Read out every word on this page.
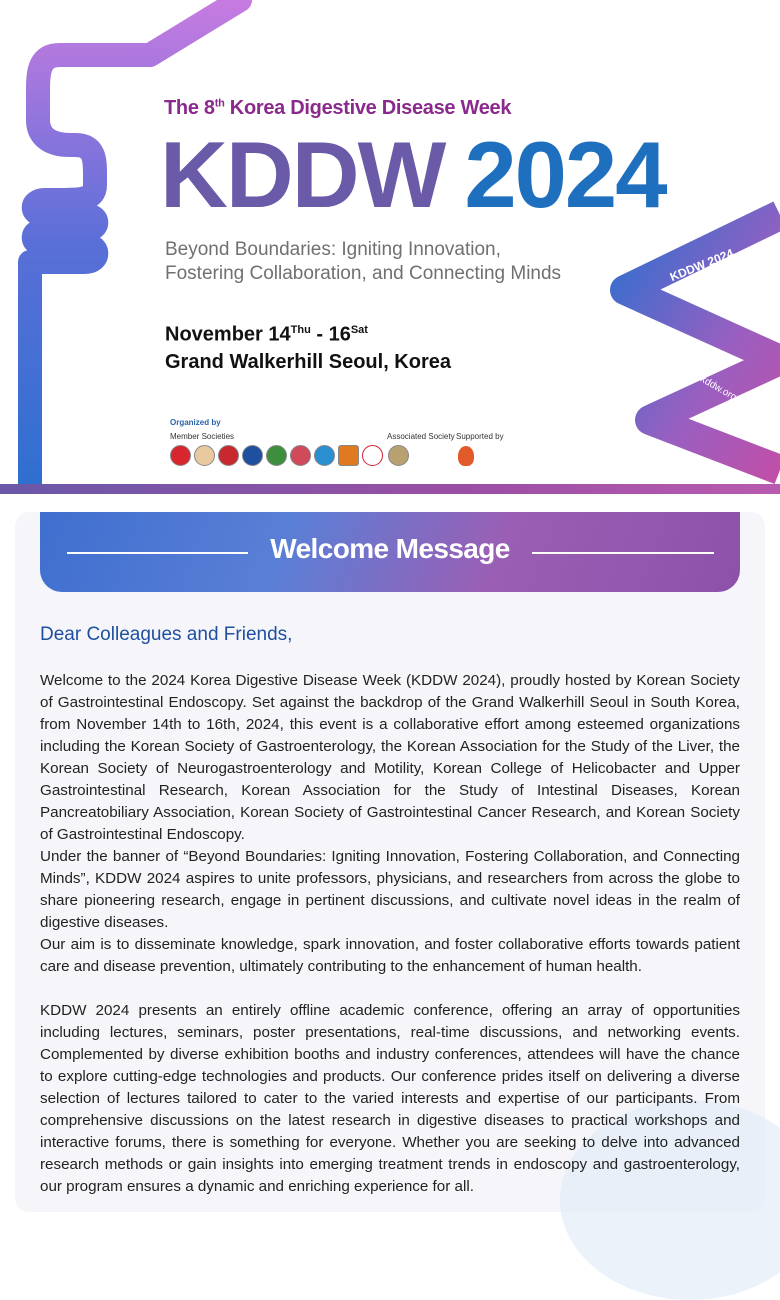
The 8th Korea Digestive Disease Week
KDDW 2024
Beyond Boundaries: Igniting Innovation,
Fostering Collaboration, and Connecting Minds
November $14^{Thu} - 16^{Sat}$
Grand Walkerhill Seoul, Korea
Organized by
Member Societies	Associated Society Supported by
KDDW 2024
www.kddw.org
Welcome Message
Dear Colleagues and Friends,

Welcome to the 2024 Korea Digestive Disease Week (KDDW 2024), proudly hosted by Korean Society of Gastrointestinal Endoscopy. Set against the backdrop of the Grand Walkerhill Seoul in South Korea, from November 14th to 16th, 2024, this event is a collaborative effort among esteemed organizations including the Korean Society of Gastroenterology, the Korean Association for the Study of the Liver, the Korean Society of Neurogastroenterology and Motility, Korean College of Helicobacter and Upper Gastrointestinal Research, Korean Association for the Study of Intestinal Diseases, Korean Pancreatobiliary Association, Korean Society of Gastrointestinal Cancer Research, and Korean Society of Gastrointestinal Endoscopy.

Under the banner of “Beyond Boundaries: Igniting Innovation, Fostering Collaboration, and Connecting Minds”, KDDW 2024 aspires to unite professors, physicians, and researchers from across the globe to share pioneering research, engage in pertinent discussions, and cultivate novel ideas in the realm of digestive diseases.

Our aim is to disseminate knowledge, spark innovation, and foster collaborative efforts towards patient care and disease prevention, ultimately contributing to the enhancement of human health.

KDDW 2024 presents an entirely offline academic conference, offering an array of opportunities including lectures, seminars, poster presentations, real-time discussions, and networking events. Complemented by diverse exhibition booths and industry conferences, attendees will have the chance to explore cutting-edge technologies and products. Our conference prides itself on delivering a diverse selection of lectures tailored to cater to the varied interests and expertise of our participants. From comprehensive discussions on the latest research in digestive diseases to practical workshops and interactive forums, there is something for everyone. Whether you are seeking to delve into advanced research methods or gain insights into emerging treatment trends in endoscopy and gastroenterology, our program ensures a dynamic and enriching experience for all.
